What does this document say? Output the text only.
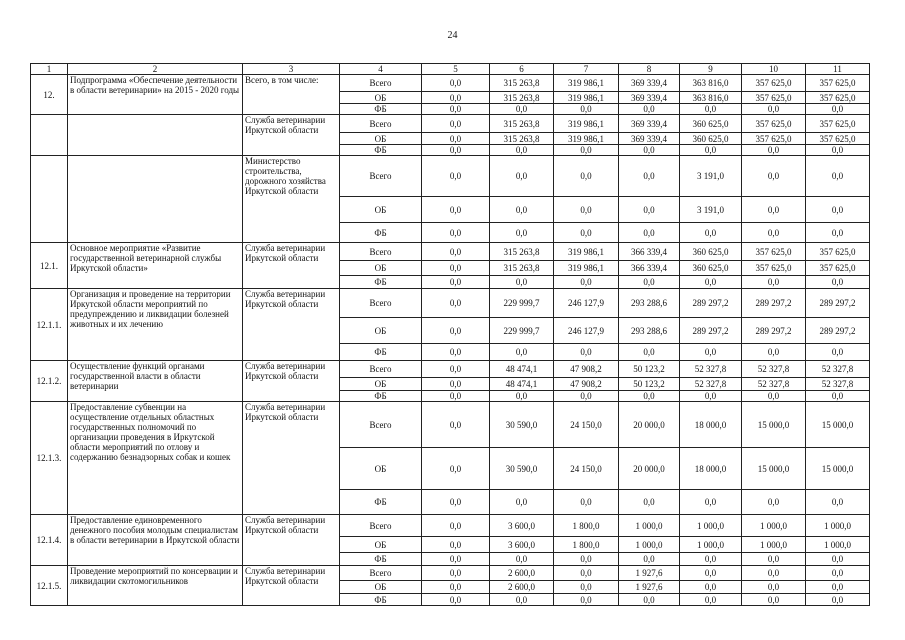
24
1	2	3	4	5	6	7	8	9	10	11
12.	Подпрограмма «Обеспечение деятельности в области ветеринарии» на 2015 - 2020 годы	Всего, в том числе:	Всего	0,0	315 263,8	319 986,1	369 339,4	363 816,0	357 625,0	357 625,0
			ОБ	0,0	315 263,8	319 986,1	369 339,4	363 816,0	357 625,0	357 625,0
			ФБ	0,0	0,0	0,0	0,0	0,0	0,0	0,0
		Служба ветеринарии Иркутской области	Всего	0,0	315 263,8	319 986,1	369 339,4	360 625,0	357 625,0	357 625,0
			ОБ	0,0	315 263,8	319 986,1	369 339,4	360 625,0	357 625,0	357 625,0
			ФБ	0,0	0,0	0,0	0,0	0,0	0,0	0,0
		Министерство строительства, дорожного хозяйства Иркутской области	Всего	0,0	0,0	0,0	0,0	3 191,0	0,0	0,0
			ОБ	0,0	0,0	0,0	0,0	3 191,0	0,0	0,0
			ФБ	0,0	0,0	0,0	0,0	0,0	0,0	0,0
12.1.	Основное мероприятие «Развитие государственной ветеринарной службы Иркутской области»	Служба ветеринарии Иркутской области	Всего	0,0	315 263,8	319 986,1	366 339,4	360 625,0	357 625,0	357 625,0
			ОБ	0,0	315 263,8	319 986,1	366 339,4	360 625,0	357 625,0	357 625,0
			ФБ	0,0	0,0	0,0	0,0	0,0	0,0	0,0
12.1.1.	Организация и проведение на территории Иркутской области мероприятий по предупреждению и ликвидации болезней животных и их лечению	Служба ветеринарии Иркутской области	Всего	0,0	229 999,7	246 127,9	293 288,6	289 297,2	289 297,2	289 297,2
			ОБ	0,0	229 999,7	246 127,9	293 288,6	289 297,2	289 297,2	289 297,2
			ФБ	0,0	0,0	0,0	0,0	0,0	0,0	0,0
12.1.2.	Осуществление функций органами государственной власти в области ветеринарии	Служба ветеринарии Иркутской области	Всего	0,0	48 474,1	47 908,2	50 123,2	52 327,8	52 327,8	52 327,8
			ОБ	0,0	48 474,1	47 908,2	50 123,2	52 327,8	52 327,8	52 327,8
			ФБ	0,0	0,0	0,0	0,0	0,0	0,0	0,0
12.1.3.	Предоставление субвенции на осуществление отдельных областных государственных полномочий по организации проведения в Иркутской области мероприятий по отлову и содержанию безнадзорных собак и кошек	Служба ветеринарии Иркутской области	Всего	0,0	30 590,0	24 150,0	20 000,0	18 000,0	15 000,0	15 000,0
			ОБ	0,0	30 590,0	24 150,0	20 000,0	18 000,0	15 000,0	15 000,0
			ФБ	0,0	0,0	0,0	0,0	0,0	0,0	0,0
12.1.4.	Предоставление единовременного денежного пособия молодым специалистам в области ветеринарии в Иркутской области	Служба ветеринарии Иркутской области	Всего	0,0	3 600,0	1 800,0	1 000,0	1 000,0	1 000,0	1 000,0
			ОБ	0,0	3 600,0	1 800,0	1 000,0	1 000,0	1 000,0	1 000,0
			ФБ	0,0	0,0	0,0	0,0	0,0	0,0	0,0
12.1.5.	Проведение мероприятий по консервации и ликвидации скотомогильников	Служба ветеринарии Иркутской области	Всего	0,0	2 600,0	0,0	1 927,6	0,0	0,0	0,0
			ОБ	0,0	2 600,0	0,0	1 927,6	0,0	0,0	0,0
			ФБ	0,0	0,0	0,0	0,0	0,0	0,0	0,0
